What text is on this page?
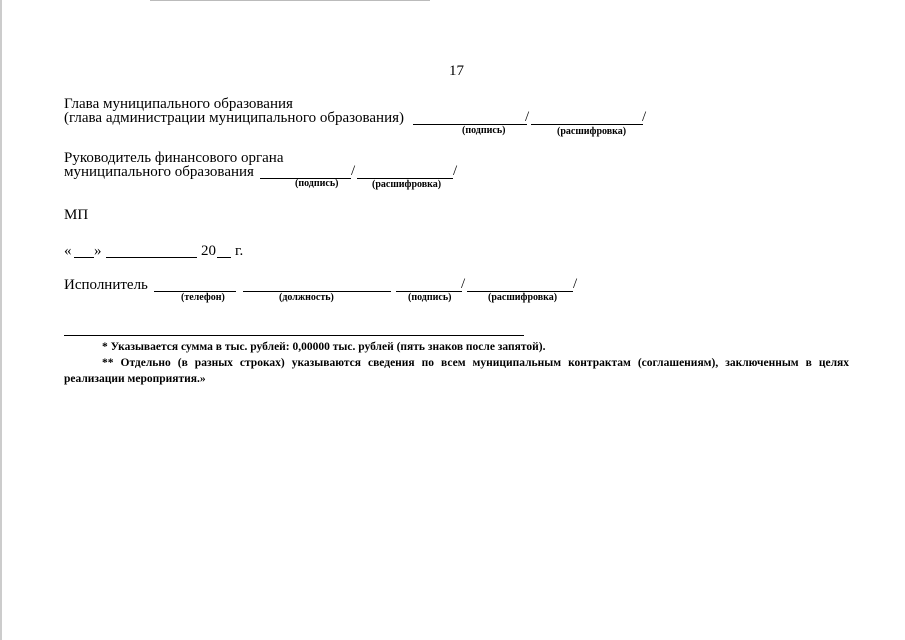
17
Глава муниципального образования
(глава администрации муниципального образования)	/	/
(подпись)	(расшифровка)
Руководитель финансового органа
муниципального образования	/	/
(подпись)	(расшифровка)
МП
« »	20 г.
Исполнитель	/	/
(телефон)	(должность)	(подпись)	(расшифровка)
* Указывается сумма в тыс. рублей: 0,00000 тыс. рублей (пять знаков после запятой).
** Отдельно (в разных строках) указываются сведения по всем муниципальным контрактам (соглашениям), заключенным в целях
реализации мероприятия.»
